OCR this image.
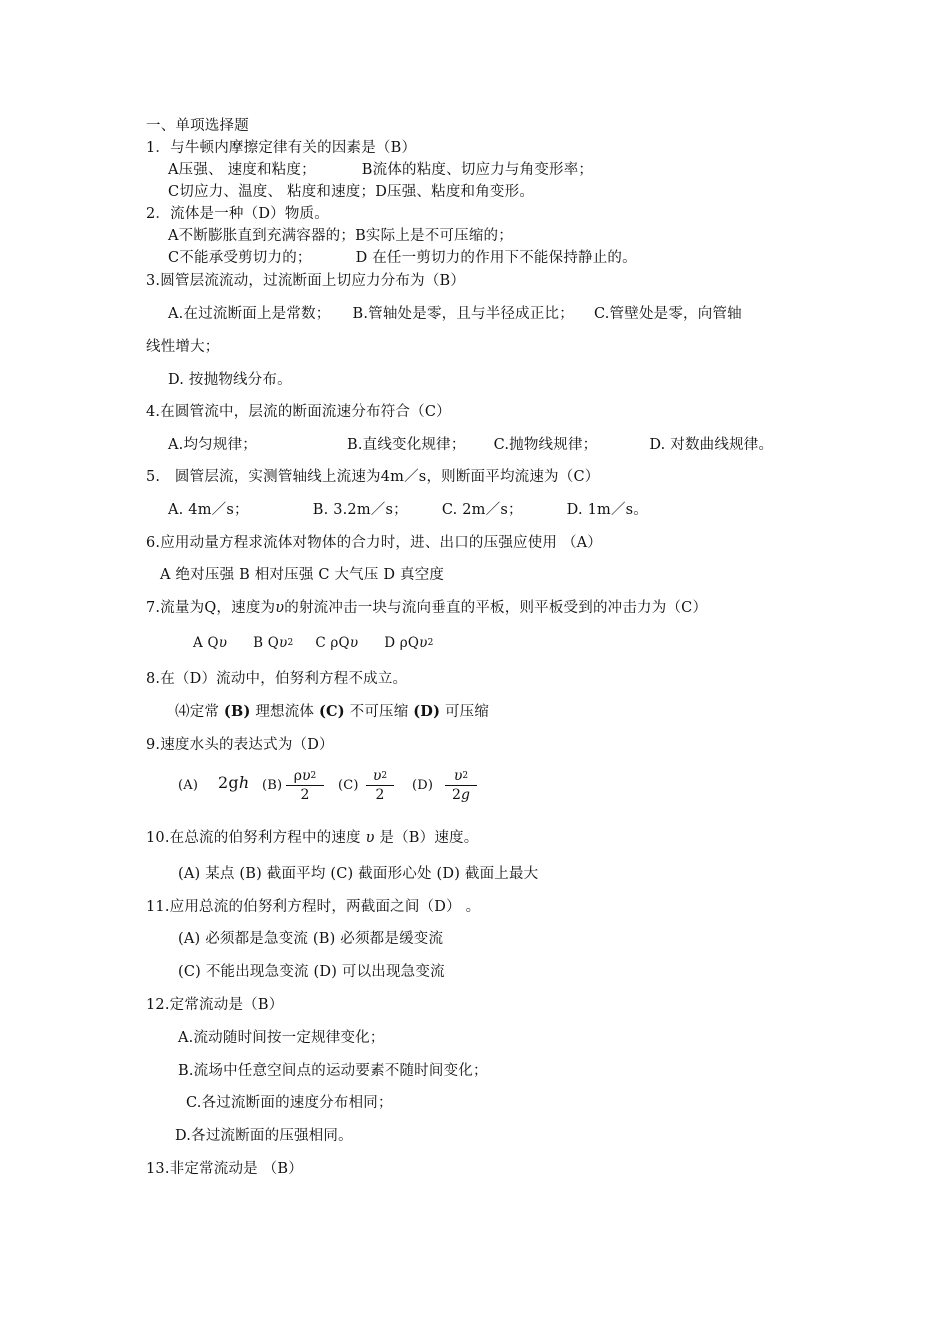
一、单项选择题
1．与牛顿内摩擦定律有关的因素是（B）
A压强、 速度和粘度；	B流体的粘度、切应力与角变形率；
C切应力、温度、 粘度和速度；D压强、粘度和角变形。
2．流体是一种（D）物质。
A不断膨胀直到充满容器的；B实际上是不可压缩的；
C不能承受剪切力的；	D 在任一剪切力的作用下不能保持静止的。
3.圆管层流流动，过流断面上切应力分布为（B）
A.在过流断面上是常数； B.管轴处是零，且与半径成正比； C.管壁处是零，向管轴
线性增大；
D. 按抛物线分布。
4.在圆管流中，层流的断面流速分布符合（C）
A.均匀规律；	B.直线变化规律； C.抛物线规律；	D. 对数曲线规律。
5.　圆管层流，实测管轴线上流速为4m／s，则断面平均流速为（C）
A. 4m／s；	B. 3.2m／s； C. 2m／s；	D. 1m／s。
6.应用动量方程求流体对物体的合力时，进、出口的压强应使用 （A）
A 绝对压强 B 相对压强 C 大气压 D 真空度
7.流量为Q，速度为υ的射流冲击一块与流向垂直的平板，则平板受到的冲击力为（C）
A Qυ B $Q\upsilon^2$ C ρQυ D ρQυ$^2$
8.在（D）流动中，伯努利方程不成立。
⑷定常 (B) 理想流体 (C) 不可压缩 (D) 可压缩
9.速度水头的表达式为（D）
(A) 2gh $(B) \frac{\rho\upsilon^2}{2} (C) \frac{\upsilon^2}{2} (D) \frac{\upsilon^2}{2g}$
10.在总流的伯努利方程中的速度 υ 是（B）速度。
(A) 某点 (B) 截面平均 (C) 截面形心处 (D) 截面上最大
11.应用总流的伯努利方程时，两截面之间（D） 。
(A) 必须都是急变流 (B) 必须都是缓变流
(C) 不能出现急变流 (D) 可以出现急变流
12.定常流动是（B）
A.流动随时间按一定规律变化；
B.流场中任意空间点的运动要素不随时间变化；
C.各过流断面的速度分布相同；
D.各过流断面的压强相同。
13.非定常流动是 （B）
